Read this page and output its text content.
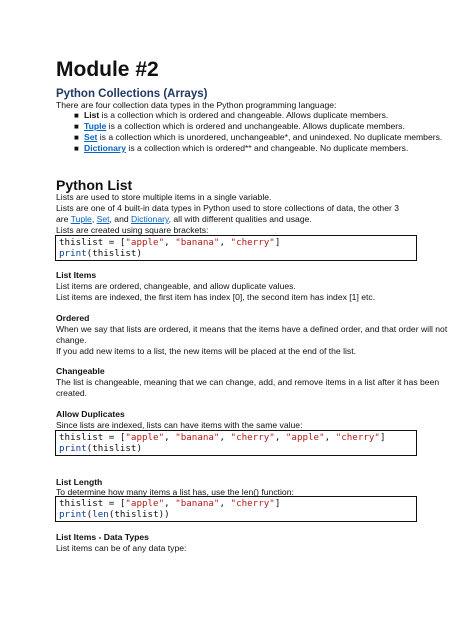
Module #2
Python Collections (Arrays)
There are four collection data types in the Python programming language:
■ List is a collection which is ordered and changeable. Allows duplicate members.
■ Tuple is a collection which is ordered and unchangeable. Allows duplicate members.
■ Set is a collection which is unordered, unchangeable*, and unindexed. No duplicate members.
■ Dictionary is a collection which is ordered** and changeable. No duplicate members.
Python List
Lists are used to store multiple items in a single variable.
Lists are one of 4 built-in data types in Python used to store collections of data, the other 3
are Tuple, Set, and Dictionary, all with different qualities and usage.
Lists are created using square brackets:
thislist = ["apple", "banana", "cherry"]
print(thislist)
List Items
List items are ordered, changeable, and allow duplicate values.
List items are indexed, the first item has index [0], the second item has index [1] etc.
Ordered
When we say that lists are ordered, it means that the items have a defined order, and that order will not
change.
If you add new items to a list, the new items will be placed at the end of the list.
Changeable
The list is changeable, meaning that we can change, add, and remove items in a list after it has been
created.
Allow Duplicates
Since lists are indexed, lists can have items with the same value:
thislist = ["apple", "banana", "cherry", "apple", "cherry"]
print(thislist)
List Length
To determine how many items a list has, use the len() function:
thislist = ["apple", "banana", "cherry"]
print(len(thislist))
List Items - Data Types
List items can be of any data type:
